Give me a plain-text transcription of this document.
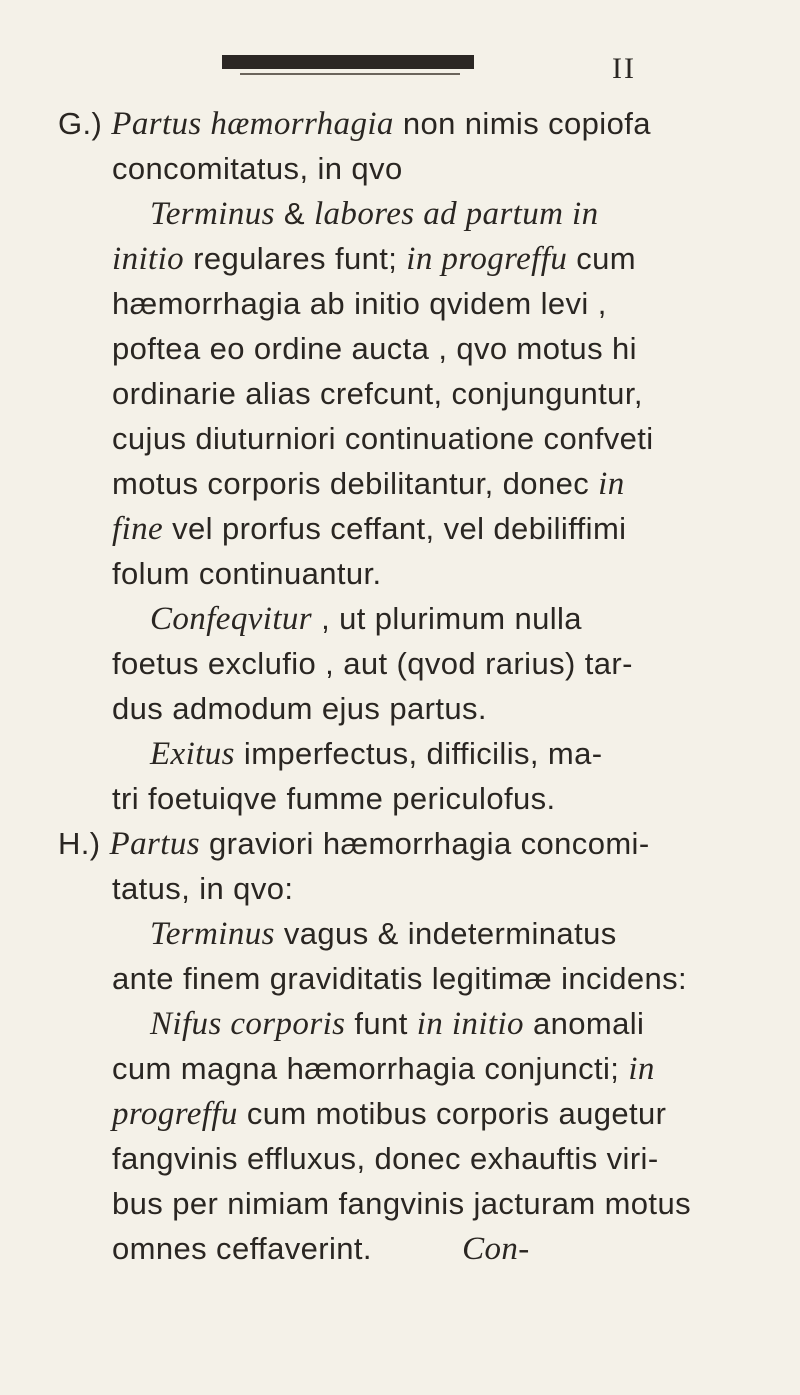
II
G.) Partus hæmorrhagia non nimis copiofa
concomitatus, in qvo
Terminus & labores ad partum in
initio regulares funt; in progreffu cum
hæmorrhagia ab initio qvidem levi ,
poftea eo ordine aucta , qvo motus hi
ordinarie alias crefcunt, conjunguntur,
cujus diuturniori continuatione confveti
motus corporis debilitantur, donec in
fine vel prorfus ceffant, vel debiliffimi
folum continuantur.
Confeqvitur , ut plurimum nulla
foetus exclufio , aut (qvod rarius) tar-
dus admodum ejus partus.
Exitus imperfectus, difficilis, ma-
tri foetuiqve fumme periculofus.
H.) Partus graviori hæmorrhagia concomi-
tatus, in qvo:
Terminus vagus & indeterminatus
ante finem graviditatis legitimæ incidens:
Nifus corporis funt in initio anomali
cum magna hæmorrhagia conjuncti; in
progreffu cum motibus corporis augetur
fangvinis effluxus, donec exhauftis viri-
bus per nimiam fangvinis jacturam motus
omnes ceffaverint.	Con-
